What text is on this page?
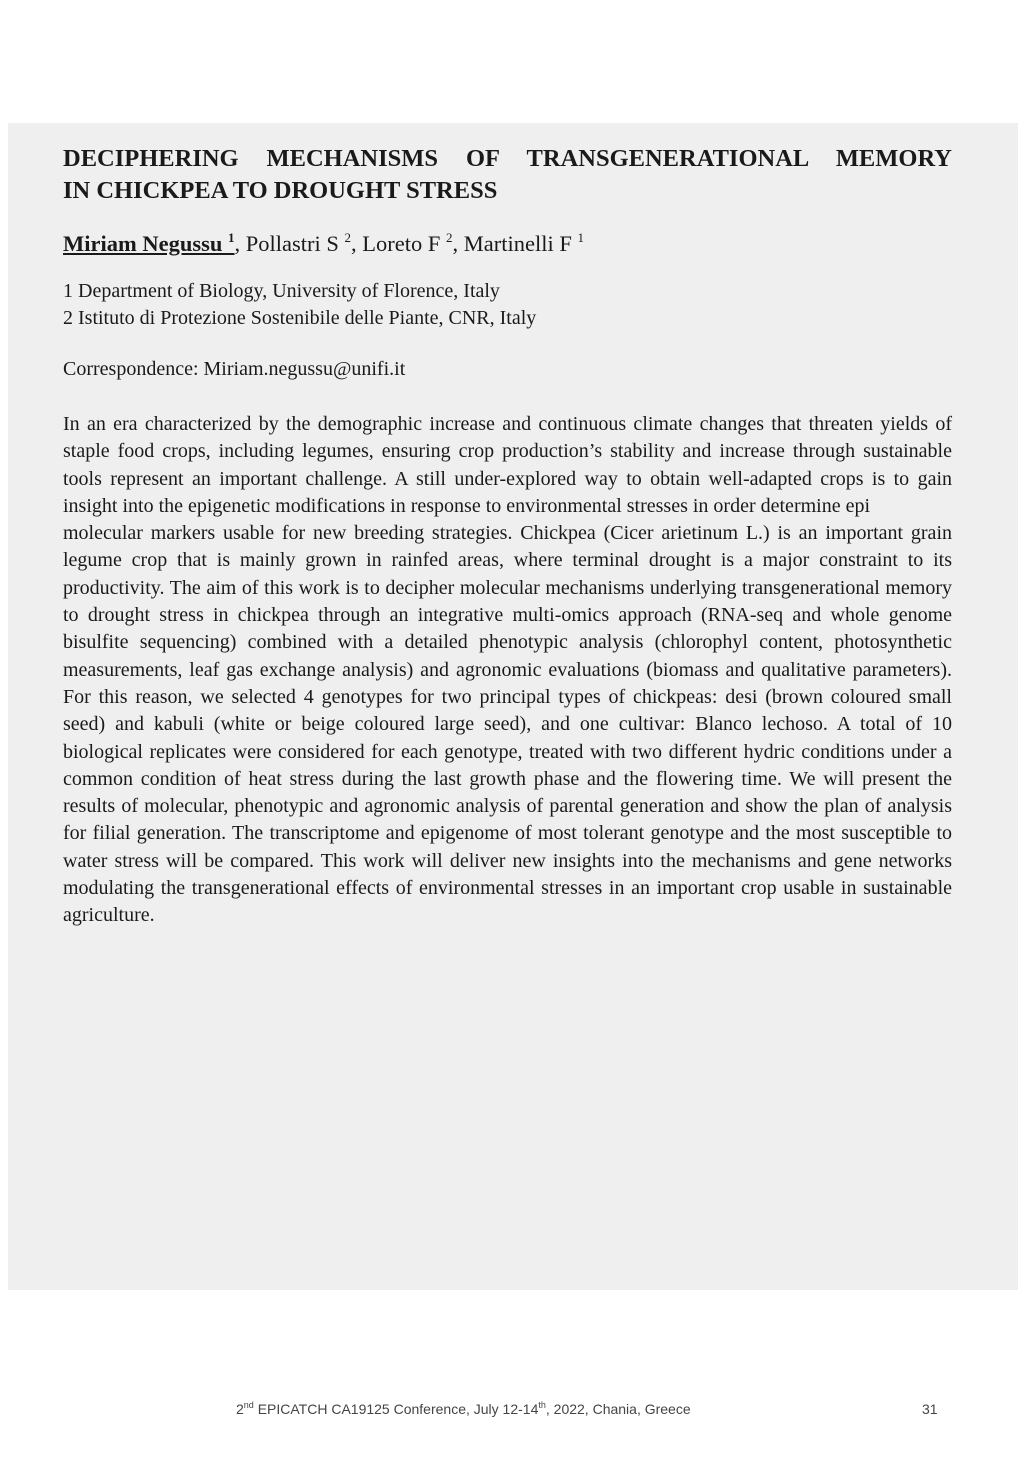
DECIPHERING MECHANISMS OF TRANSGENERATIONAL MEMORY
IN CHICKPEA TO DROUGHT STRESS
Miriam Negussu $^1$, Pollastri S $^2$, Loreto F $^2$, Martinelli F $^1$
1 Department of Biology, University of Florence, Italy
2 Istituto di Protezione Sostenibile delle Piante, CNR, Italy
Correspondence: Miriam.negussu@unifi.it

In an era characterized by the demographic increase and continuous climate changes that threaten yields of staple food crops, including legumes, ensuring crop production’s stability and increase through sustainable tools represent an important challenge. A still under-explored way to obtain well-adapted crops is to gain insight into the epigenetic modifications in response to environmental stresses in order determine epi

molecular markers usable for new breeding strategies. Chickpea (Cicer arietinum L.) is an important grain legume crop that is mainly grown in rainfed areas, where terminal drought is a major constraint to its productivity. The aim of this work is to decipher molecular mechanisms underlying transgenerational memory to drought stress in chickpea through an integrative multi-omics approach (RNA-seq and whole genome bisulfite sequencing) combined with a detailed phenotypic analysis (chlorophyl content, photosynthetic measurements, leaf gas exchange analysis) and agronomic evaluations (biomass and qualitative parameters). For this reason, we selected 4 genotypes for two principal types of chickpeas: desi (brown coloured small seed) and kabuli (white or beige coloured large seed), and one cultivar: Blanco lechoso. A total of 10 biological replicates were considered for each genotype, treated with two different hydric conditions under a common condition of heat stress during the last growth phase and the flowering time. We will present the results of molecular, phenotypic and agronomic analysis of parental generation and show the plan of analysis for filial generation. The transcriptome and epigenome of most tolerant genotype and the most susceptible to water stress will be compared. This work will deliver new insights into the mechanisms and gene networks modulating the transgenerational effects of environmental stresses in an important crop usable in sustainable agriculture.

2nd EPICATCH CA19125 Conference, July 12-14th, 2022, Chania, Greece	31
